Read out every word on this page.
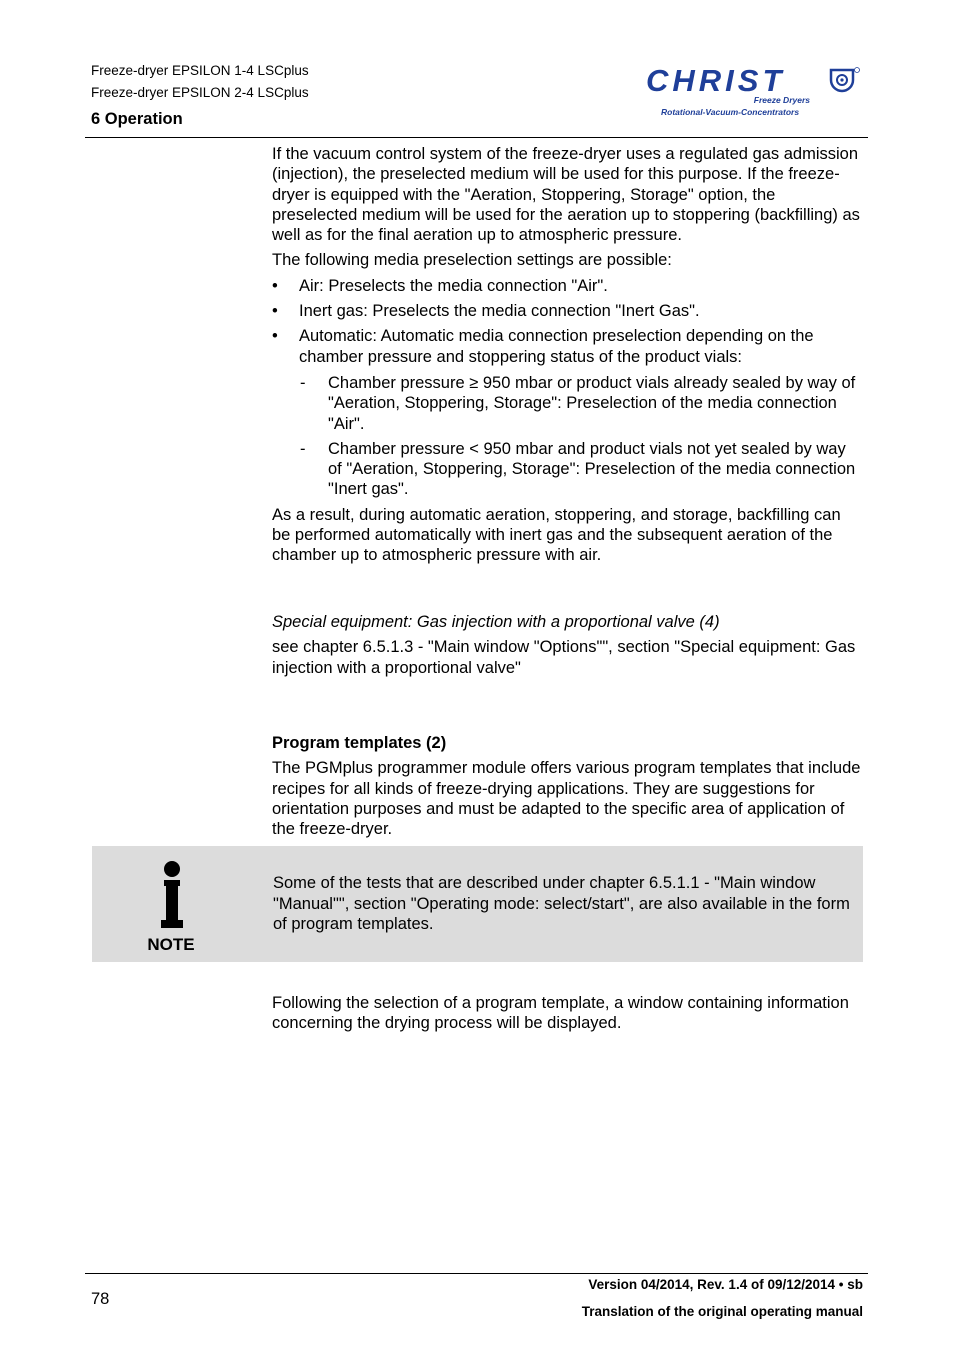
Freeze-dryer EPSILON 1-4 LSCplus
Freeze-dryer EPSILON 2-4 LSCplus
6 Operation
CHRIST
Freeze Dryers
Rotational-Vacuum-Concentrators

If the vacuum control system of the freeze-dryer uses a regulated gas admission (injection), the preselected medium will be used for this purpose. If the freeze-dryer is equipped with the "Aeration, Stoppering, Storage" option, the preselected medium will be used for the aeration up to stoppering (backfilling) as well as for the final aeration up to atmospheric pressure.

The following media preselection settings are possible:

• Air: Preselects the media connection "Air".
• Inert gas: Preselects the media connection "Inert Gas".
• Automatic: Automatic media connection preselection depending on the chamber pressure and stoppering status of the product vials:
- Chamber pressure ≥ 950 mbar or product vials already sealed by way of "Aeration, Stoppering, Storage": Preselection of the media connection "Air".
- Chamber pressure < 950 mbar and product vials not yet sealed by way of "Aeration, Stoppering, Storage": Preselection of the media connection "Inert gas".

As a result, during automatic aeration, stoppering, and storage, backfilling can be performed automatically with inert gas and the subsequent aeration of the chamber up to atmospheric pressure with air.

Special equipment: Gas injection with a proportional valve (4)

see chapter 6.5.1.3 - "Main window "Options"", section "Special equipment: Gas injection with a proportional valve"

Program templates (2)

The PGMplus programmer module offers various program templates that include recipes for all kinds of freeze-drying applications. They are suggestions for orientation purposes and must be adapted to the specific area of application of the freeze-dryer.

NOTE
Some of the tests that are described under chapter 6.5.1.1 - "Main window "Manual"", section "Operating mode: select/start", are also available in the form of program templates.
Following the selection of a program template, a window containing information concerning the drying process will be displayed.
78
Version 04/2014, Rev. 1.4 of 09/12/2014 • sb
Translation of the original operating manual
